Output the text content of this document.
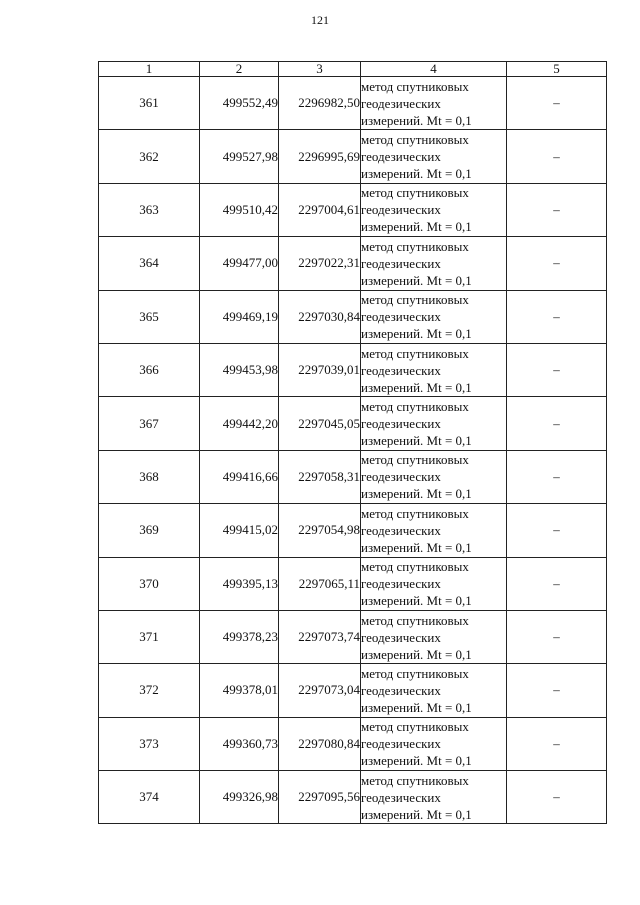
121
1	2	3	4	5
361	499552,49	2296982,50	метод спутниковых
геодезических
измерений. Mt = 0,1	–
362	499527,98	2296995,69	метод спутниковых
геодезических
измерений. Mt = 0,1	–
363	499510,42	2297004,61	метод спутниковых
геодезических
измерений. Mt = 0,1	–
364	499477,00	2297022,31	метод спутниковых
геодезических
измерений. Mt = 0,1	–
365	499469,19	2297030,84	метод спутниковых
геодезических
измерений. Mt = 0,1	–
366	499453,98	2297039,01	метод спутниковых
геодезических
измерений. Mt = 0,1	–
367	499442,20	2297045,05	метод спутниковых
геодезических
измерений. Mt = 0,1	–
368	499416,66	2297058,31	метод спутниковых
геодезических
измерений. Mt = 0,1	–
369	499415,02	2297054,98	метод спутниковых
геодезических
измерений. Mt = 0,1	–
370	499395,13	2297065,11	метод спутниковых
геодезических
измерений. Mt = 0,1	–
371	499378,23	2297073,74	метод спутниковых
геодезических
измерений. Mt = 0,1	–
372	499378,01	2297073,04	метод спутниковых
геодезических
измерений. Mt = 0,1	–
373	499360,73	2297080,84	метод спутниковых
геодезических
измерений. Mt = 0,1	–
374	499326,98	2297095,56	метод спутниковых
геодезических
измерений. Mt = 0,1	–
